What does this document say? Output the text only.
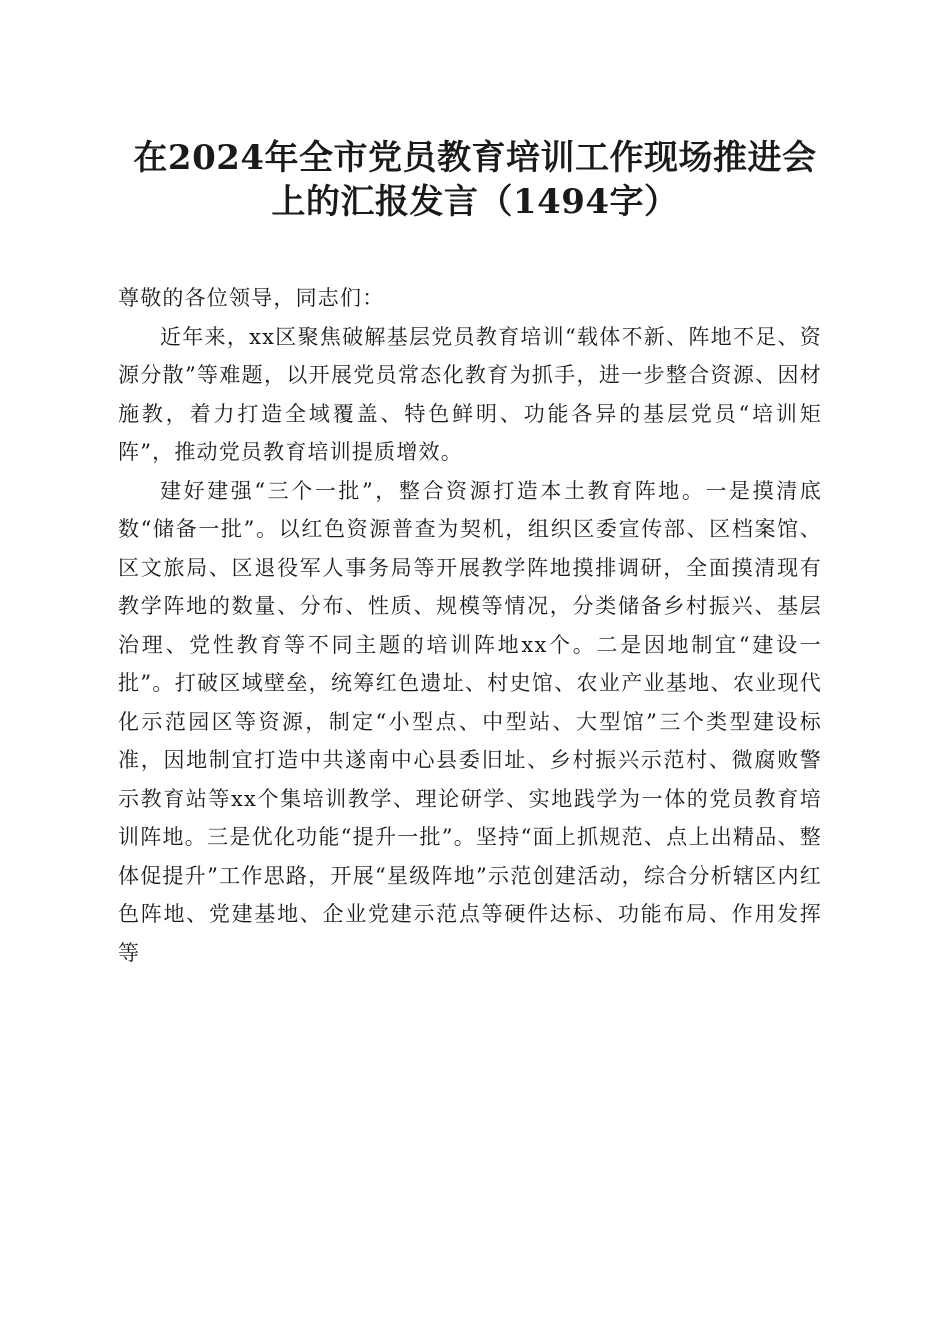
在2024年全市党员教育培训工作现场推进会
上的汇报发言（1494字）

尊敬的各位领导，同志们：

近年来，xx区聚焦破解基层党员教育培训“载体不新、阵地不足、资源分散”等难题，以开展党员常态化教育为抓手，进一步整合资源、因材施教，着力打造全域覆盖、特色鲜明、功能各异的基层党员“培训矩阵”，推动党员教育培训提质增效。

建好建强“三个一批”，整合资源打造本土教育阵地。一是摸清底数“储备一批”。以红色资源普查为契机，组织区委宣传部、区档案馆、区文旅局、区退役军人事务局等开展教学阵地摸排调研，全面摸清现有教学阵地的数量、分布、性质、规模等情况，分类储备乡村振兴、基层治理、党性教育等不同主题的培训阵地xx个。二是因地制宜“建设一批”。打破区域壁垒，统筹红色遗址、村史馆、农业产业基地、农业现代化示范园区等资源，制定“小型点、中型站、大型馆”三个类型建设标准，因地制宜打造中共遂南中心县委旧址、乡村振兴示范村、微腐败警示教育站等xx个集培训教学、理论研学、实地践学为一体的党员教育培训阵地。三是优化功能“提升一批”。坚持“面上抓规范、点上出精品、整体促提升”工作思路，开展“星级阵地”示范创建活动，综合分析辖区内红色阵地、党建基地、企业党建示范点等硬件达标、功能布局、作用发挥等
